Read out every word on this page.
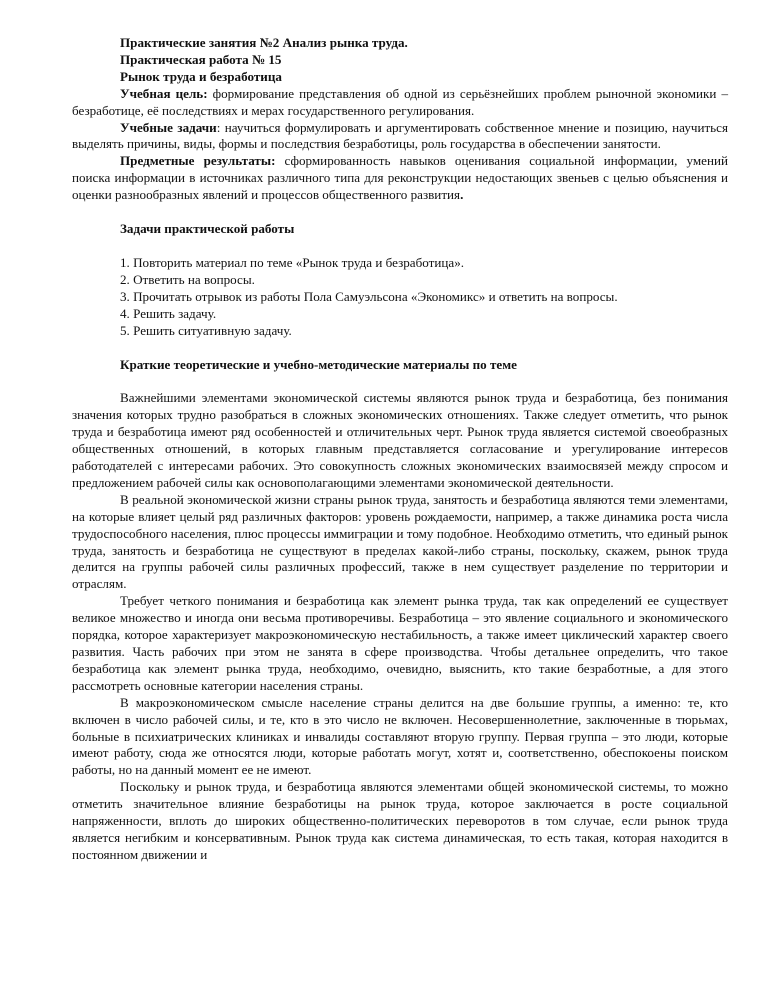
Практические занятия №2 Анализ рынка труда.

Практическая работа № 15

Рынок труда и безработица

Учебная цель: формирование представления об одной из серьёзнейших проблем рыночной экономики – безработице, её последствиях и мерах государственного регулирования.

Учебные задачи: научиться формулировать и аргументировать собственное мнение и позицию, научиться выделять причины, виды, формы и последствия безработицы, роль государства в обеспечении занятости.

Предметные результаты: сформированность навыков оценивания социальной информации, умений поиска информации в источниках различного типа для реконструкции недостающих звеньев с целью объяснения и оценки разнообразных явлений и процессов общественного развития.

Задачи практической работы

1. Повторить материал по теме «Рынок труда и безработица».

2. Ответить на вопросы.

3. Прочитать отрывок из работы Пола Самуэльсона «Экономикс» и ответить на вопросы.

4. Решить задачу.

5. Решить ситуативную задачу.

Краткие теоретические и учебно-методические материалы по теме

Важнейшими элементами экономической системы являются рынок труда и безработица, без понимания значения которых трудно разобраться в сложных экономических отношениях. Также следует отметить, что рынок труда и безработица имеют ряд особенностей и отличительных черт. Рынок труда является системой своеобразных общественных отношений, в которых главным представляется согласование и урегулирование интересов работодателей с интересами рабочих. Это совокупность сложных экономических взаимосвязей между спросом и предложением рабочей силы как основополагающими элементами экономической деятельности.

В реальной экономической жизни страны рынок труда, занятость и безработица являются теми элементами, на которые влияет целый ряд различных факторов: уровень рождаемости, например, а также динамика роста числа трудоспособного населения, плюс процессы иммиграции и тому подобное. Необходимо отметить, что единый рынок труда, занятость и безработица не существуют в пределах какой-либо страны, поскольку, скажем, рынок труда делится на группы рабочей силы различных профессий, также в нем существует разделение по территории и отраслям.

Требует четкого понимания и безработица как элемент рынка труда, так как определений ее существует великое множество и иногда они весьма противоречивы. Безработица – это явление социального и экономического порядка, которое характеризует макроэкономическую нестабильность, а также имеет циклический характер своего развития. Часть рабочих при этом не занята в сфере производства. Чтобы детальнее определить, что такое безработица как элемент рынка труда, необходимо, очевидно, выяснить, кто такие безработные, а для этого рассмотреть основные категории населения страны.

В макроэкономическом смысле население страны делится на две большие группы, а именно: те, кто включен в число рабочей силы, и те, кто в это число не включен. Несовершеннолетние, заключенные в тюрьмах, больные в психиатрических клиниках и инвалиды составляют вторую группу. Первая группа – это люди, которые имеют работу, сюда же относятся люди, которые работать могут, хотят и, соответственно, обеспокоены поиском работы, но на данный момент ее не имеют.

Поскольку и рынок труда, и безработица являются элементами общей экономической системы, то можно отметить значительное влияние безработицы на рынок труда, которое заключается в росте социальной напряженности, вплоть до широких общественно-политических переворотов в том случае, если рынок труда является негибким и консервативным. Рынок труда как система динамическая, то есть такая, которая находится в постоянном движении и
